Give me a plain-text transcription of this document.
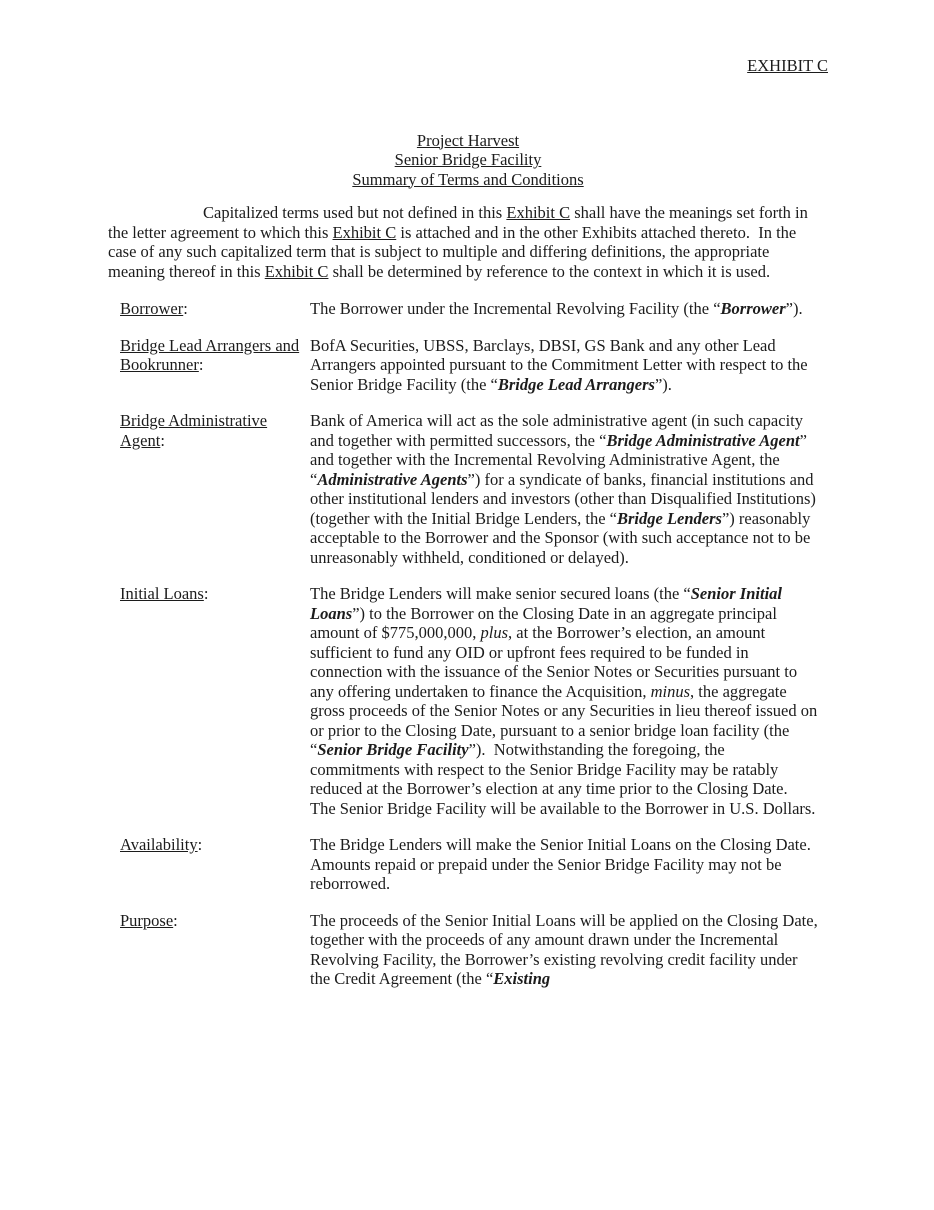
EXHIBIT C
Project Harvest
Senior Bridge Facility
Summary of Terms and Conditions

Capitalized terms used but not defined in this Exhibit C shall have the meanings set forth in the letter agreement to which this Exhibit C is attached and in the other Exhibits attached thereto.  In the case of any such capitalized term that is subject to multiple and differing definitions, the appropriate meaning thereof in this Exhibit C shall be determined by reference to the context in which it is used.

Borrower:	The Borrower under the Incremental Revolving Facility (the “Borrower”).
Bridge Lead Arrangers and Bookrunner:
BofA Securities, UBSS, Barclays, DBSI, GS Bank and any other Lead Arrangers appointed pursuant to the Commitment Letter with respect to the Senior Bridge Facility (the “Bridge Lead Arrangers”).
Bridge Administrative Agent:
Bank of America will act as the sole administrative agent (in such capacity and together with permitted successors, the “Bridge Administrative Agent” and together with the Incremental Revolving Administrative Agent, the “Administrative Agents”) for a syndicate of banks, financial institutions and other institutional lenders and investors (other than Disqualified Institutions) (together with the Initial Bridge Lenders, the “Bridge Lenders”) reasonably acceptable to the Borrower and the Sponsor (with such acceptance not to be unreasonably withheld, conditioned or delayed).
Initial Loans:	The Bridge Lenders will make senior secured loans (the “Senior Initial Loans”) to the Borrower on the Closing Date in an aggregate principal amount of $775,000,000, plus, at the Borrower’s election, an amount sufficient to fund any OID or upfront fees required to be funded in connection with the issuance of the Senior Notes or Securities pursuant to any offering undertaken to finance the Acquisition, minus, the aggregate gross proceeds of the Senior Notes or any Securities in lieu thereof issued on or prior to the Closing Date, pursuant to a senior bridge loan facility (the “Senior Bridge Facility”).  Notwithstanding the foregoing, the commitments with respect to the Senior Bridge Facility may be ratably reduced at the Borrower’s election at any time prior to the Closing Date.  The Senior Bridge Facility will be available to the Borrower in U.S. Dollars.
Availability:	The Bridge Lenders will make the Senior Initial Loans on the Closing Date.  Amounts repaid or prepaid under the Senior Bridge Facility may not be reborrowed.
Purpose:	The proceeds of the Senior Initial Loans will be applied on the Closing Date, together with the proceeds of any amount drawn under the Incremental Revolving Facility, the Borrower’s existing revolving credit facility under the Credit Agreement (the “Existing
